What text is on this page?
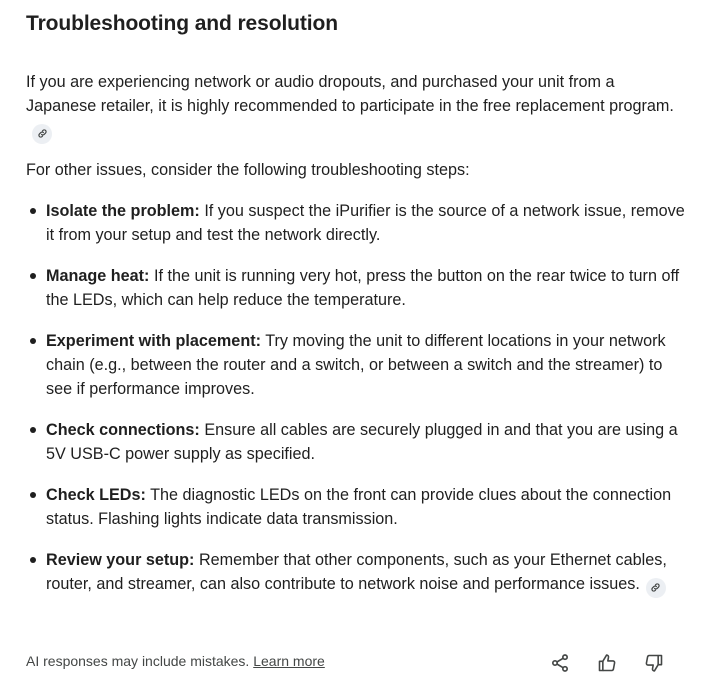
Troubleshooting and resolution
If you are experiencing network or audio dropouts, and purchased your unit from a Japanese retailer, it is highly recommended to participate in the free replacement program.
For other issues, consider the following troubleshooting steps:
Isolate the problem: If you suspect the iPurifier is the source of a network issue, remove it from your setup and test the network directly.
Manage heat: If the unit is running very hot, press the button on the rear twice to turn off the LEDs, which can help reduce the temperature.
Experiment with placement: Try moving the unit to different locations in your network chain (e.g., between the router and a switch, or between a switch and the streamer) to see if performance improves.
Check connections: Ensure all cables are securely plugged in and that you are using a 5V USB-C power supply as specified.
Check LEDs: The diagnostic LEDs on the front can provide clues about the connection status. Flashing lights indicate data transmission.
Review your setup: Remember that other components, such as your Ethernet cables, router, and streamer, can also contribute to network noise and performance issues.
AI responses may include mistakes. Learn more
